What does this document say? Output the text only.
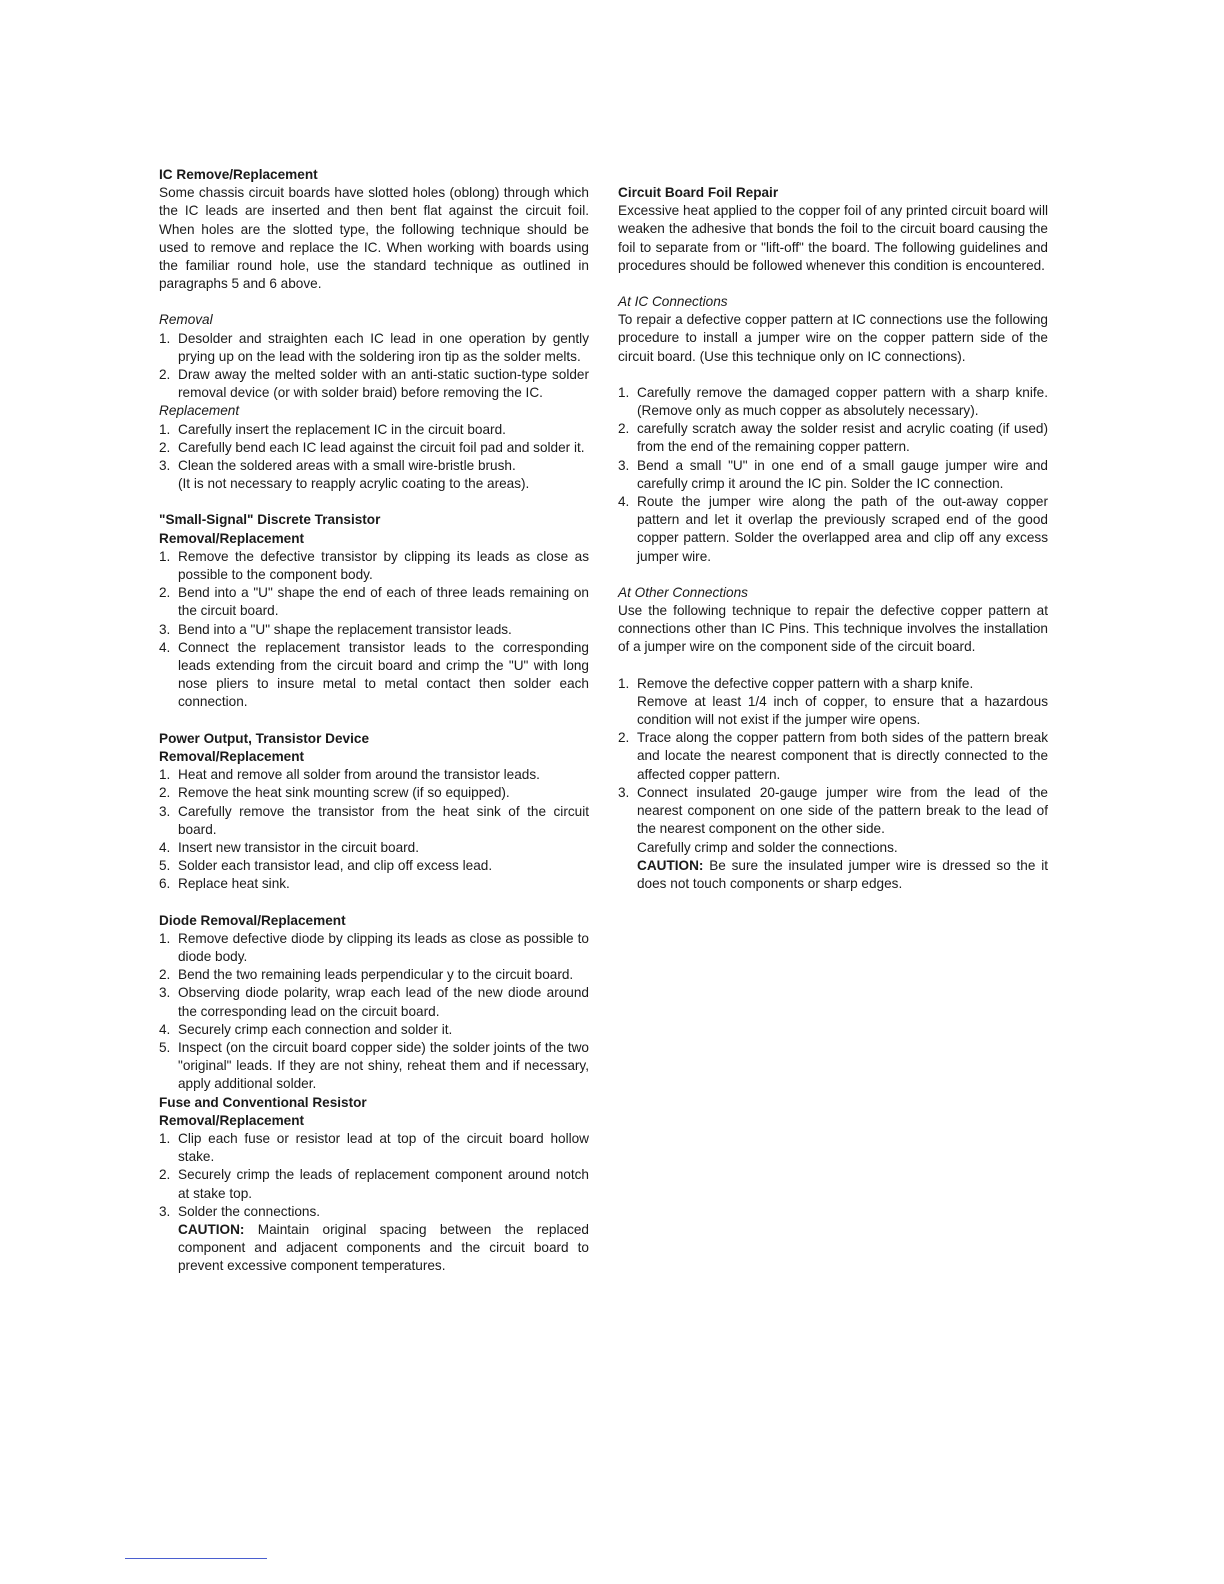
IC Remove/Replacement

Some chassis circuit boards have slotted holes (oblong) through which the IC leads are inserted and then bent flat against the circuit foil. When holes are the slotted type, the following technique should be used to remove and replace the IC. When working with boards using the familiar round hole, use the standard technique as outlined in paragraphs 5 and 6 above.

Removal
1. Desolder and straighten each IC lead in one operation by gently prying up on the lead with the soldering iron tip as the solder melts.
2. Draw away the melted solder with an anti-static suction-type solder removal device (or with solder braid) before removing the IC.
Replacement
1. Carefully insert the replacement IC in the circuit board.
2. Carefully bend each IC lead against the circuit foil pad and solder it.
3. Clean the soldered areas with a small wire-bristle brush.
(It is not necessary to reapply acrylic coating to the areas).
"Small-Signal" Discrete Transistor
Removal/Replacement
1. Remove the defective transistor by clipping its leads as close as possible to the component body.
2. Bend into a "U" shape the end of each of three leads remaining on the circuit board.
3. Bend into a "U" shape the replacement transistor leads.
4. Connect the replacement transistor leads to the corresponding leads extending from the circuit board and crimp the "U" with long nose pliers to insure metal to metal contact then solder each connection.
Power Output, Transistor Device
Removal/Replacement
1. Heat and remove all solder from around the transistor leads.
2. Remove the heat sink mounting screw (if so equipped).
3. Carefully remove the transistor from the heat sink of the circuit board.
4. Insert new transistor in the circuit board.
5. Solder each transistor lead, and clip off excess lead.
6. Replace heat sink.
Diode Removal/Replacement
1. Remove defective diode by clipping its leads as close as possible to diode body.
2. Bend the two remaining leads perpendicular y to the circuit board.
3. Observing diode polarity, wrap each lead of the new diode around the corresponding lead on the circuit board.
4. Securely crimp each connection and solder it.
5. Inspect (on the circuit board copper side) the solder joints of the two "original" leads. If they are not shiny, reheat them and if necessary, apply additional solder.
Fuse and Conventional Resistor
Removal/Replacement
1. Clip each fuse or resistor lead at top of the circuit board hollow stake.
2. Securely crimp the leads of replacement component around notch at stake top.
3. Solder the connections.
CAUTION: Maintain original spacing between the replaced component and adjacent components and the circuit board to prevent excessive component temperatures.
Circuit Board Foil Repair

Excessive heat applied to the copper foil of any printed circuit board will weaken the adhesive that bonds the foil to the circuit board causing the foil to separate from or "lift-off" the board. The following guidelines and procedures should be followed whenever this condition is encountered.

At IC Connections

To repair a defective copper pattern at IC connections use the following procedure to install a jumper wire on the copper pattern side of the circuit board. (Use this technique only on IC connections).

1. Carefully remove the damaged copper pattern with a sharp knife. (Remove only as much copper as absolutely necessary).
2. carefully scratch away the solder resist and acrylic coating (if used) from the end of the remaining copper pattern.
3. Bend a small "U" in one end of a small gauge jumper wire and carefully crimp it around the IC pin. Solder the IC connection.
4. Route the jumper wire along the path of the out-away copper pattern and let it overlap the previously scraped end of the good copper pattern. Solder the overlapped area and clip off any excess jumper wire.
At Other Connections

Use the following technique to repair the defective copper pattern at connections other than IC Pins. This technique involves the installation of a jumper wire on the component side of the circuit board.

1. Remove the defective copper pattern with a sharp knife.
Remove at least 1/4 inch of copper, to ensure that a hazardous condition will not exist if the jumper wire opens.
2. Trace along the copper pattern from both sides of the pattern break and locate the nearest component that is directly connected to the affected copper pattern.
3. Connect insulated 20-gauge jumper wire from the lead of the nearest component on one side of the pattern break to the lead of the nearest component on the other side.
Carefully crimp and solder the connections.
CAUTION: Be sure the insulated jumper wire is dressed so the it does not touch components or sharp edges.
